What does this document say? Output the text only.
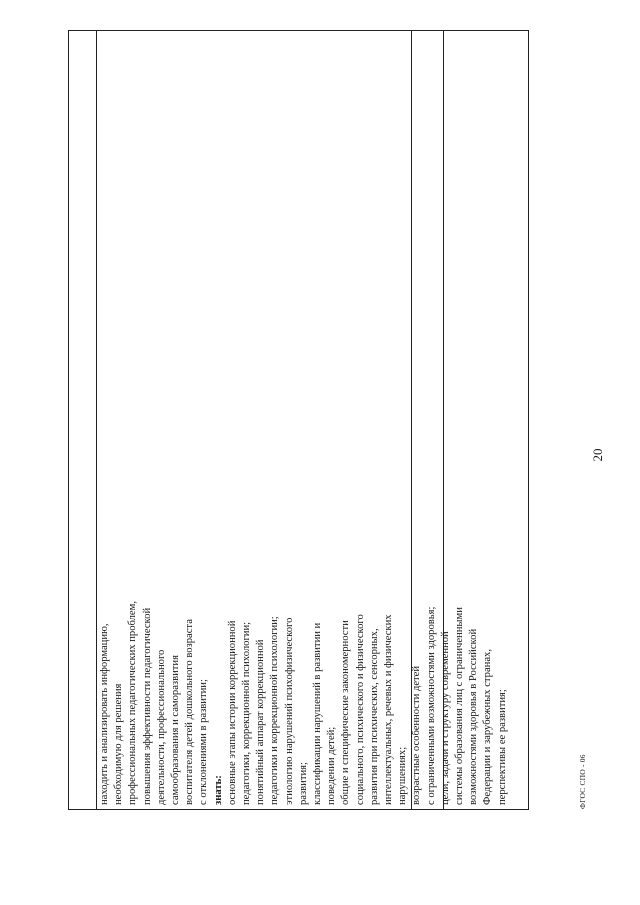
20
находить и анализировать информацию, необходимую для решения профессиональных педагогических проблем, повышения эффективности педагогической деятельности, профессионального самообразования и саморазвития воспитателя детей дошкольного возраста с отклонениями в развитии; знать: основные этапы истории коррекционной педагогики, коррекционной психологии; понятийный аппарат коррекционной педагогики и коррекционной психологии; этиологию нарушений психофизического развития; классификации нарушений в развитии и поведении детей; общие и специфические закономерности социального, психического и физического развития при психических, сенсорных, интеллектуальных, речевых и физических нарушениях; возрастные особенности детей с ограниченными возможностями здоровья; цели, задачи и структуру современной системы образования лиц с ограниченными возможностями здоровья в Российской Федерации и зарубежных странах, перспективы ее развития;	ФГОС СПО - 06
